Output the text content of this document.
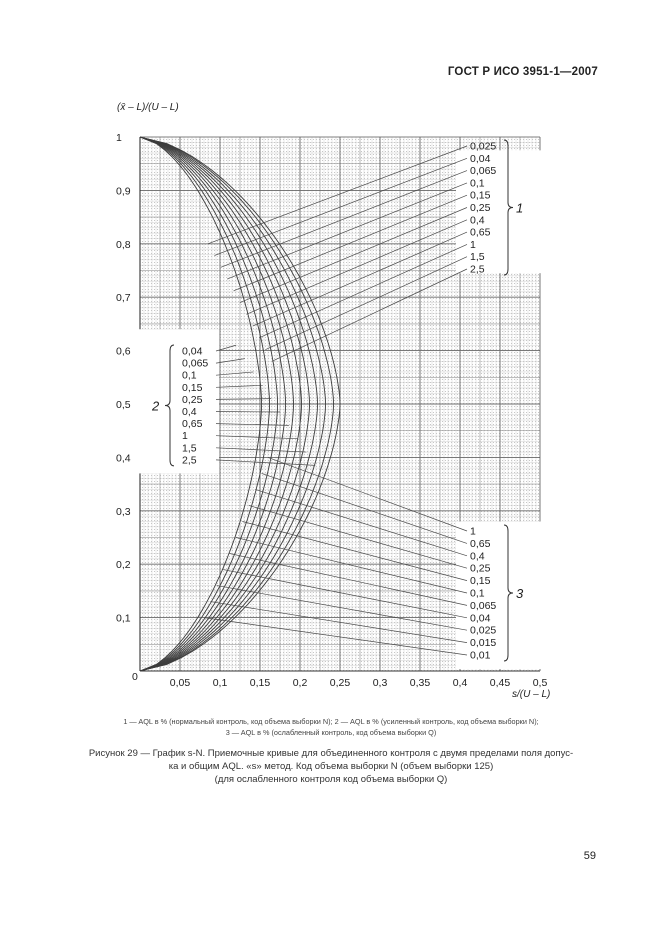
ГОСТ Р ИСО 3951-1—2007
0,025
0,04
0,065
0,1
0,15
0,25
0,4
0,65
1
1,5
2,5
1
0,04
0,065
0,1
0,15
0,25
0,4
0,65
1
1,5
2,5
2
1
0,65
0,4
0,25
0,15
0,1
0,065
0,04
0,025
0,015
0,01
3
0,05 0,1 0,15 0,2 0,25 0,3 0,35 0,4 0,45 0,5
0,1
0,2
0,3
0,4
0,5
0,6
0,7
0,8
0,9
1
0
(x̄ – L)/(U – L)
s/(U – L)
1 — AQL в % (нормальный контроль, код объема выборки N); 2 — AQL в % (усиленный контроль, код объема выборки N);
3 — AQL в % (ослабленный контроль, код объема выборки Q)
Рисунок 29 — График s-N. Приемочные кривые для объединенного контроля с двумя пределами поля допус-
ка и общим AQL. «s» метод. Код объема выборки N (объем выборки 125)
(для ослабленного контроля код объема выборки Q)
59
